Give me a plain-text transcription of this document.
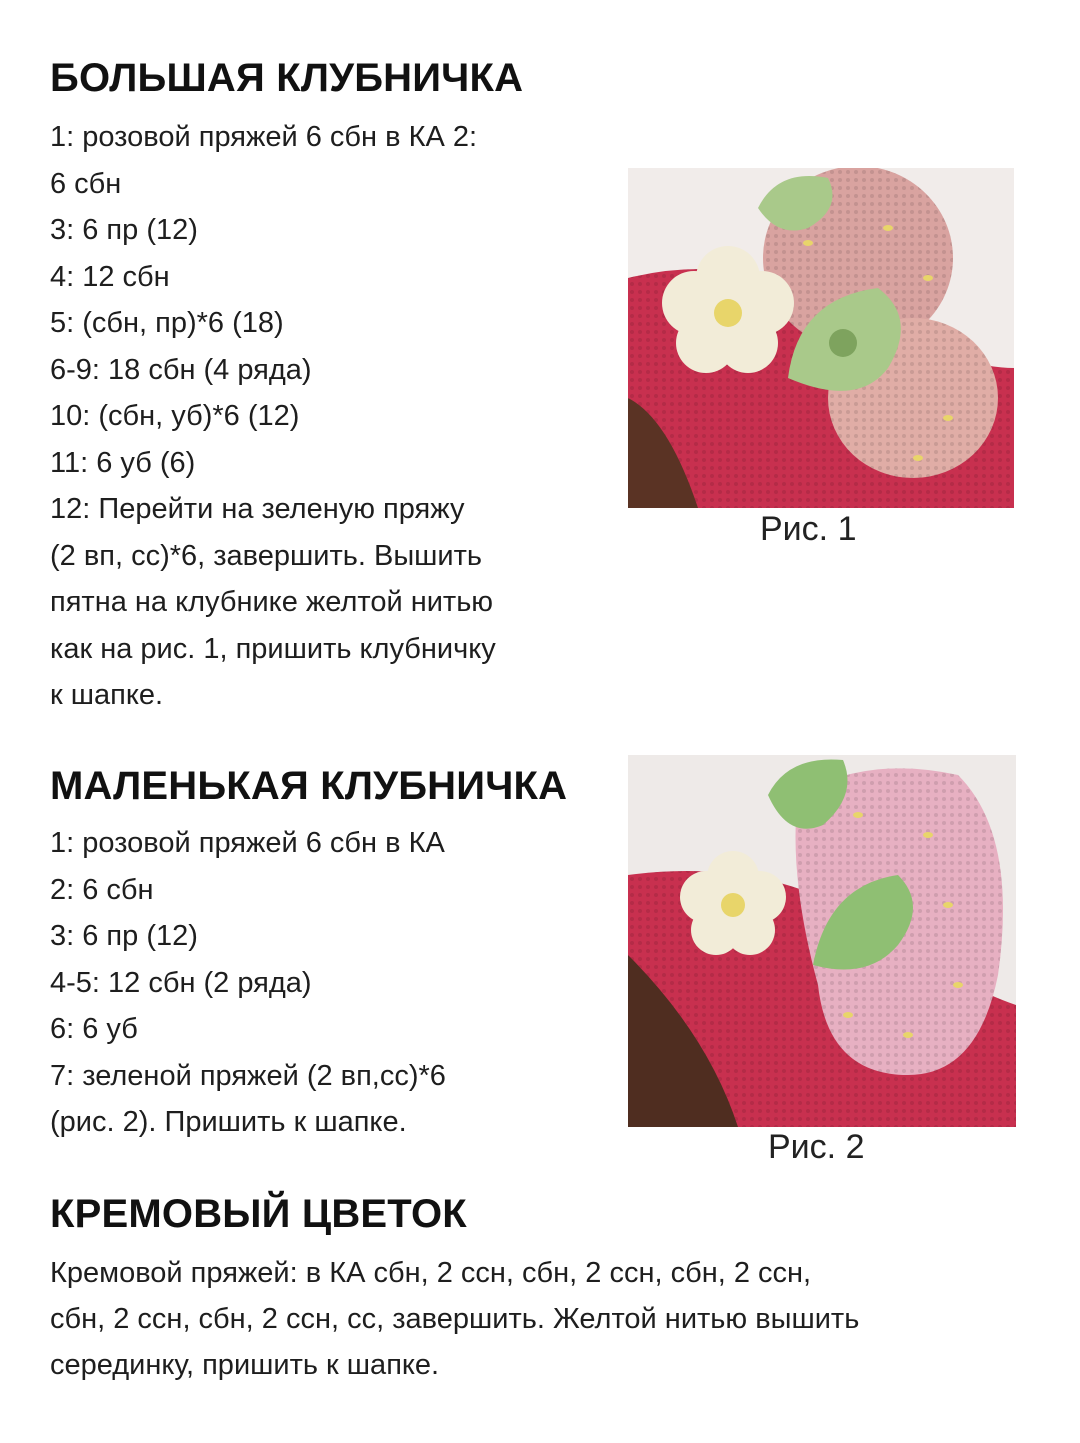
БОЛЬШАЯ КЛУБНИЧКА
1: розовой пряжей 6 сбн в КА 2:
6 сбн
3: 6 пр (12)
4: 12 сбн
5: (сбн, пр)*6 (18)
6-9: 18 сбн (4 ряда)
10: (сбн, уб)*6 (12)
11: 6 уб (6)
12: Перейти на зеленую пряжу
(2 вп, сс)*6, завершить. Вышить
пятна на клубнике желтой нитью
как на рис. 1, пришить клубничку
к шапке.
Рис. 1
МАЛЕНЬКАЯ КЛУБНИЧКА
1: розовой пряжей 6 сбн в КА
2: 6 сбн
3: 6 пр (12)
4-5: 12 сбн (2 ряда)
6: 6 уб
7: зеленой пряжей (2 вп,сс)*6
(рис. 2). Пришить к шапке.
Рис. 2
КРЕМОВЫЙ ЦВЕТОК
Кремовой пряжей: в КА сбн, 2 ссн, сбн, 2 ссн, сбн, 2 ссн,
сбн, 2 ссн, сбн, 2 ссн, сс, завершить. Желтой нитью вышить
серединку, пришить к шапке.
